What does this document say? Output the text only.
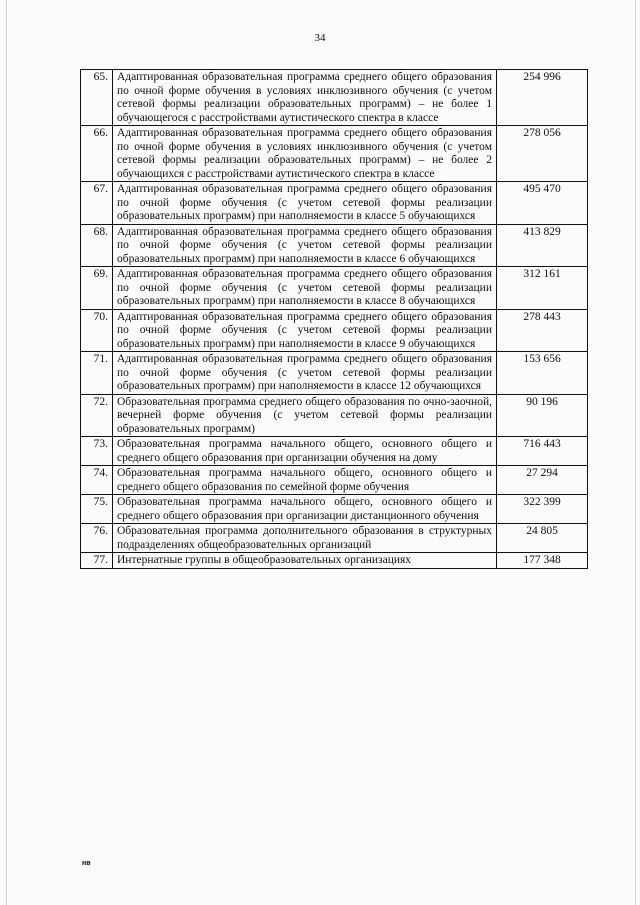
34
65.	Адаптированная образовательная программа среднего общего образования по очной форме обучения в условиях инклюзивного обучения (с учетом сетевой формы реализации образовательных программ) – не более 1 обучающегося с расстройствами аутистического спектра в классе	254 996
66.	Адаптированная образовательная программа среднего общего образования по очной форме обучения в условиях инклюзивного обучения (с учетом сетевой формы реализации образовательных программ) – не более 2 обучающихся с расстройствами аутистического спектра в классе	278 056
67.	Адаптированная образовательная программа среднего общего образования по очной форме обучения (с учетом сетевой формы реализации образовательных программ) при наполняемости в классе 5 обучающихся	495 470
68.	Адаптированная образовательная программа среднего общего образования по очной форме обучения (с учетом сетевой формы реализации образовательных программ) при наполняемости в классе 6 обучающихся	413 829
69.	Адаптированная образовательная программа среднего общего образования по очной форме обучения (с учетом сетевой формы реализации образовательных программ) при наполняемости в классе 8 обучающихся	312 161
70.	Адаптированная образовательная программа среднего общего образования по очной форме обучения (с учетом сетевой формы реализации образовательных программ) при наполняемости в классе 9 обучающихся	278 443
71.	Адаптированная образовательная программа среднего общего образования по очной форме обучения (с учетом сетевой формы реализации образовательных программ) при наполняемости в классе 12 обучающихся	153 656
72.	Образовательная программа среднего общего образования по очно-заочной, вечерней форме обучения (с учетом сетевой формы реализации образовательных программ)	90 196
73.	Образовательная программа начального общего, основного общего и среднего общего образования при организации обучения на дому	716 443
74.	Образовательная программа начального общего, основного общего и среднего общего образования по семейной форме обучения	27 294
75.	Образовательная программа начального общего, основного общего и среднего общего образования при организации дистанционного обучения	322 399
76.	Образовательная программа дополнительного образования в структурных подразделениях общеобразовательных организаций	24 805
77.	Интернатные группы в общеобразовательных организациях	177 348
нв
